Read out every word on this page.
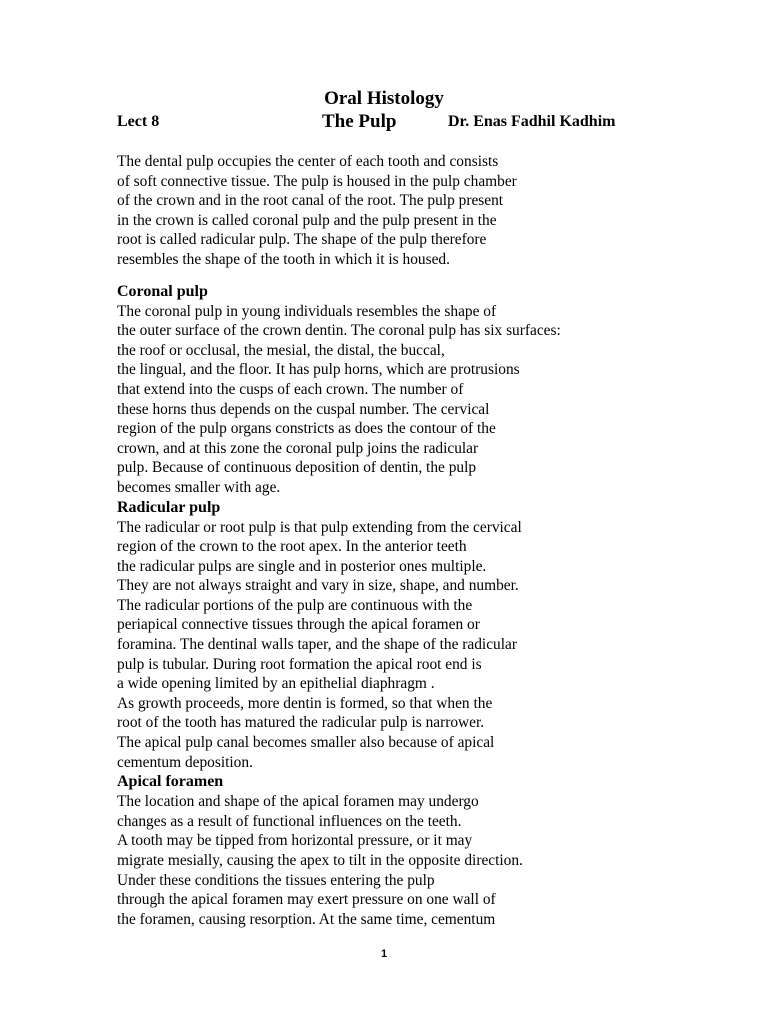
Oral Histology
Lect 8	The Pulp	Dr. Enas Fadhil Kadhim

The dental pulp occupies the center of each tooth and consists
of soft connective tissue. The pulp is housed in the pulp chamber
of the crown and in the root canal of the root. The pulp present
in the crown is called coronal pulp and the pulp present in the
root is called radicular pulp. The shape of the pulp therefore
resembles the shape of the tooth in which it is housed.

Coronal pulp

The coronal pulp in young individuals resembles the shape of
the outer surface of the crown dentin. The coronal pulp has six surfaces:
the roof or occlusal, the mesial, the distal, the buccal,
the lingual, and the floor. It has pulp horns, which are protrusions
that extend into the cusps of each crown. The number of
these horns thus depends on the cuspal number. The cervical
region of the pulp organs constricts as does the contour of the
crown, and at this zone the coronal pulp joins the radicular
pulp. Because of continuous deposition of dentin, the pulp
becomes smaller with age.

Radicular pulp

The radicular or root pulp is that pulp extending from the cervical
region of the crown to the root apex. In the anterior teeth
the radicular pulps are single and in posterior ones multiple.
They are not always straight and vary in size, shape, and number.
The radicular portions of the pulp are continuous with the
periapical connective tissues through the apical foramen or
foramina. The dentinal walls taper, and the shape of the radicular
pulp is tubular. During root formation the apical root end is
a wide opening limited by an epithelial diaphragm .
As growth proceeds, more dentin is formed, so that when the
root of the tooth has matured the radicular pulp is narrower.
The apical pulp canal becomes smaller also because of apical
cementum deposition.

Apical foramen

The location and shape of the apical foramen may undergo
changes as a result of functional influences on the teeth.
A tooth may be tipped from horizontal pressure, or it may
migrate mesially, causing the apex to tilt in the opposite direction.
Under these conditions the tissues entering the pulp
through the apical foramen may exert pressure on one wall of
the foramen, causing resorption. At the same time, cementum

1
